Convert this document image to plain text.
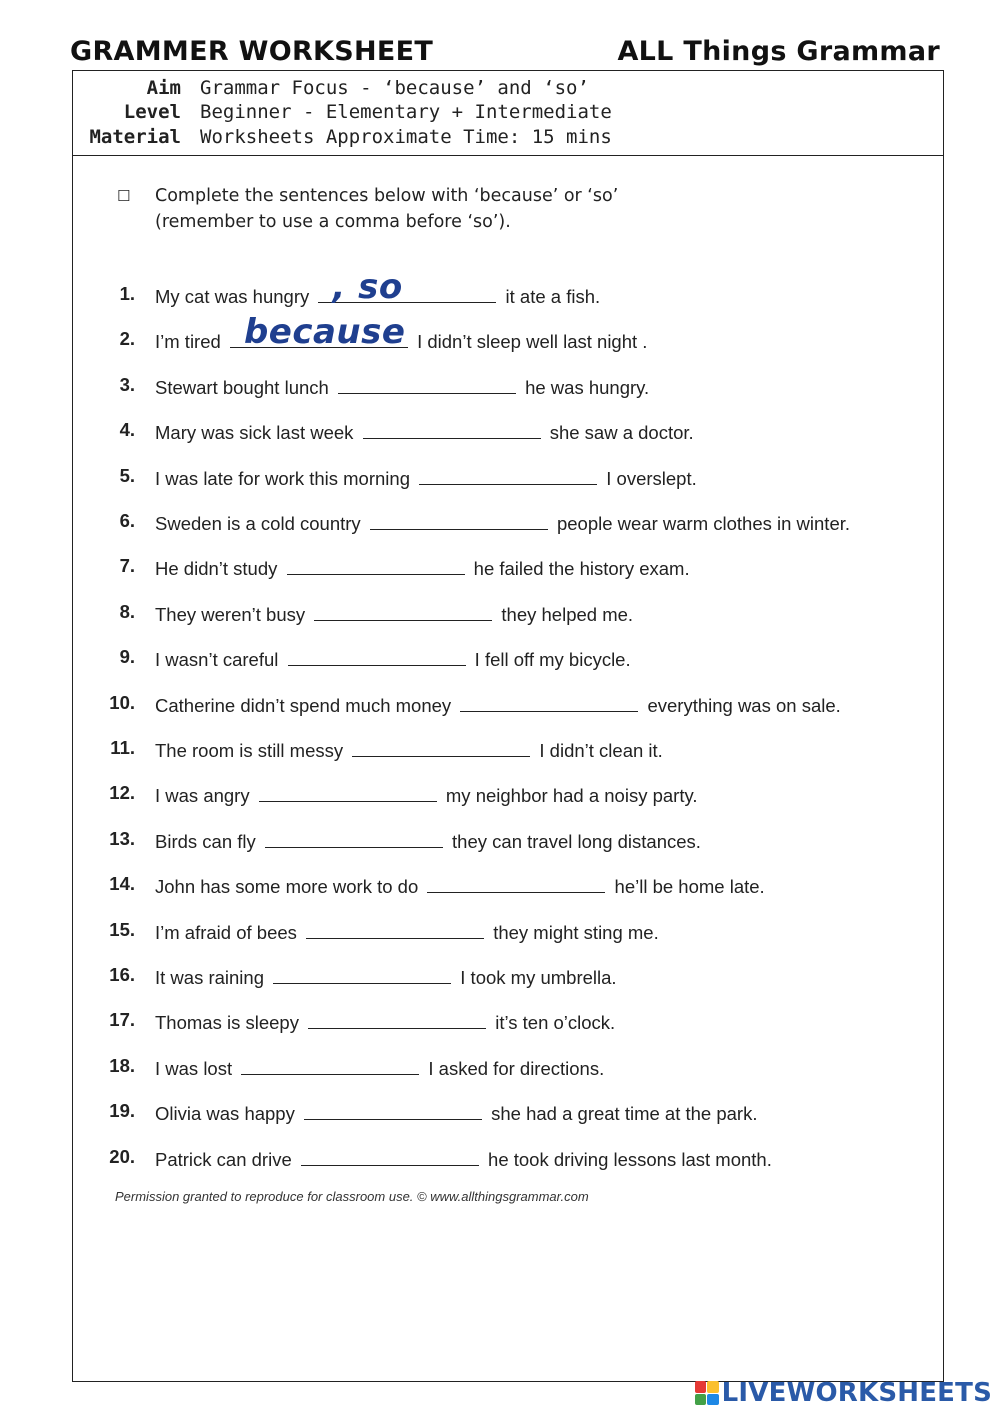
GRAMMER WORKSHEET	ALL Things Grammar
Aim Grammar Focus - ‘because’ and ‘so’
Level Beginner - Elementary + Intermediate
Material Worksheets Approximate Time: 15 mins
☐ Complete the sentences below with ‘because’ or ‘so’
(remember to use a comma before ‘so’).
1. My cat was hungry , so	it ate a fish.
2. I’m tired because I didn’t sleep well last night .
3. Stewart bought lunch	he was hungry.
4. Mary was sick last week	she saw a doctor.
5. I was late for work this morning	I overslept.
6. Sweden is a cold country	people wear warm clothes in winter.
7. He didn’t study	he failed the history exam.
8. They weren’t busy	they helped me.
9. I wasn’t careful	I fell off my bicycle.
10. Catherine didn’t spend much money	everything was on sale.
11. The room is still messy	I didn’t clean it.
12. I was angry	my neighbor had a noisy party.
13. Birds can fly	they can travel long distances.
14. John has some more work to do	he’ll be home late.
15. I’m afraid of bees	they might sting me.
16. It was raining	I took my umbrella.
17. Thomas is sleepy	it’s ten o’clock.
18. I was lost	I asked for directions.
19. Olivia was happy	she had a great time at the park.
20. Patrick can drive	he took driving lessons last month.
Permission granted to reproduce for classroom use. © www.allthingsgrammar.com
LIVEWORKSHEETS
